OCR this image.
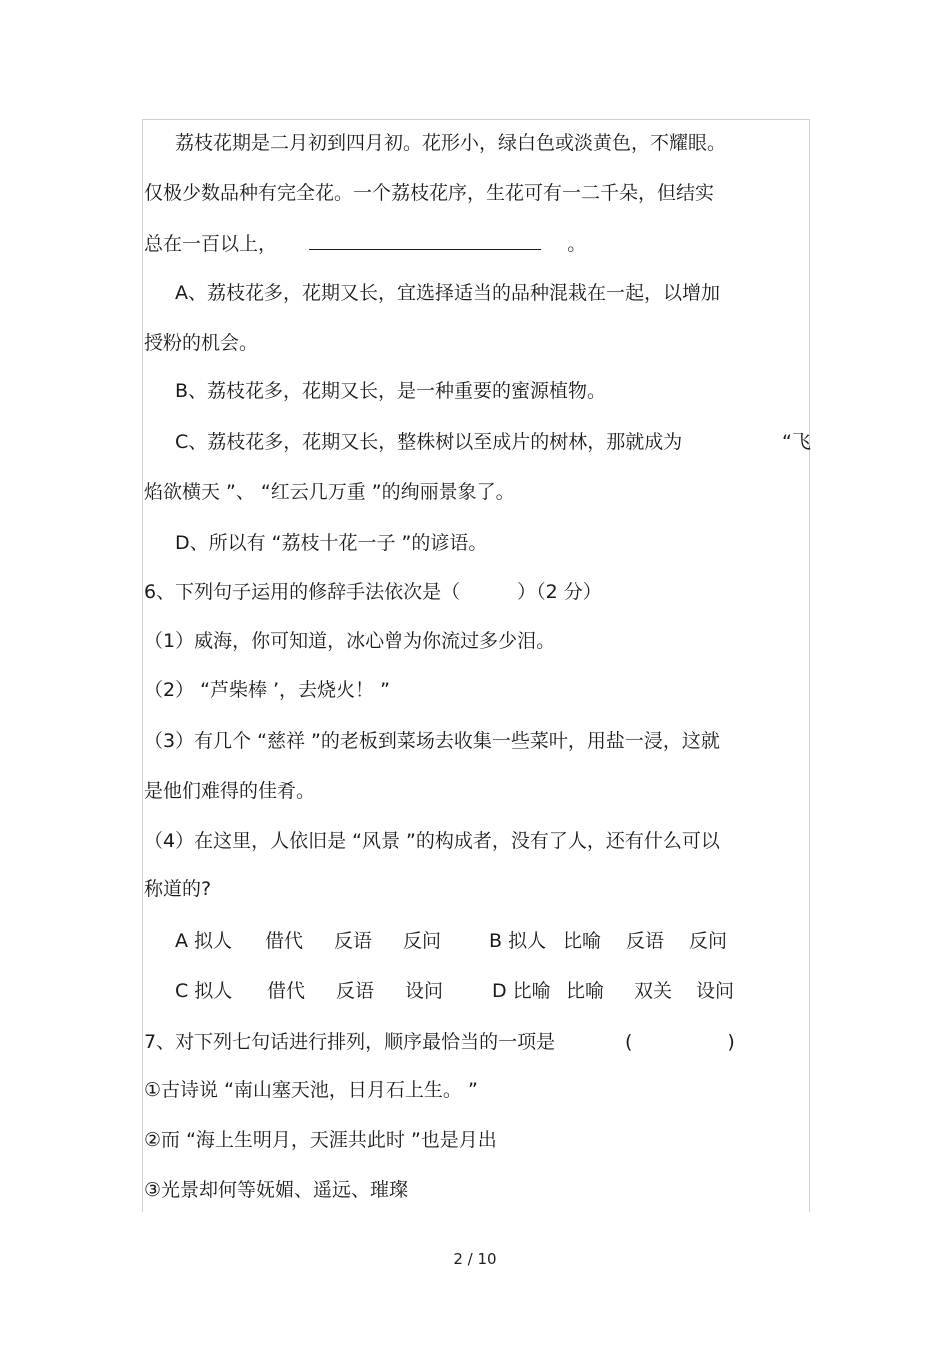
荔枝花期是二月初到四月初。花形小，绿白色或淡黄色，不耀眼。
仅极少数品种有完全花。一个荔枝花序，生花可有一二千朵，但结实
总在一百以上，	。
A、荔枝花多，花期又长，宜选择适当的品种混栽在一起，以增加
授粉的机会。
B、荔枝花多，花期又长，是一种重要的蜜源植物。
C、荔枝花多，花期又长，整株树以至成片的树林，那就成为	“飞
焰欲横天 ”、 “红云几万重 ”的绚丽景象了。
D、所以有 “荔枝十花一子 ”的谚语。
6、下列句子运用的修辞手法依次是（　　　）（2 分）
（1）威海，你可知道，冰心曾为你流过多少泪。
（2） “芦柴棒 ’，去烧火！ ”
（3）有几个 “慈祥 ”的老板到菜场去收集一些菜叶，用盐一浸，这就
是他们难得的佳肴。
（4）在这里，人依旧是 “风景 ”的构成者，没有了人，还有什么可以
称道的?
A 拟人 借代 反语 反问	B 拟人 比喻 反语 反问
C 拟人 借代 反语 设问	D 比喻 比喻 双关 设问
7、对下列七句话进行排列，顺序最恰当的一项是	(　　　　　)
①古诗说 “南山塞天池，日月石上生。 ”
②而 “海上生明月，天涯共此时 ”也是月出
③光景却何等妩媚、遥远、璀璨
2 / 10
